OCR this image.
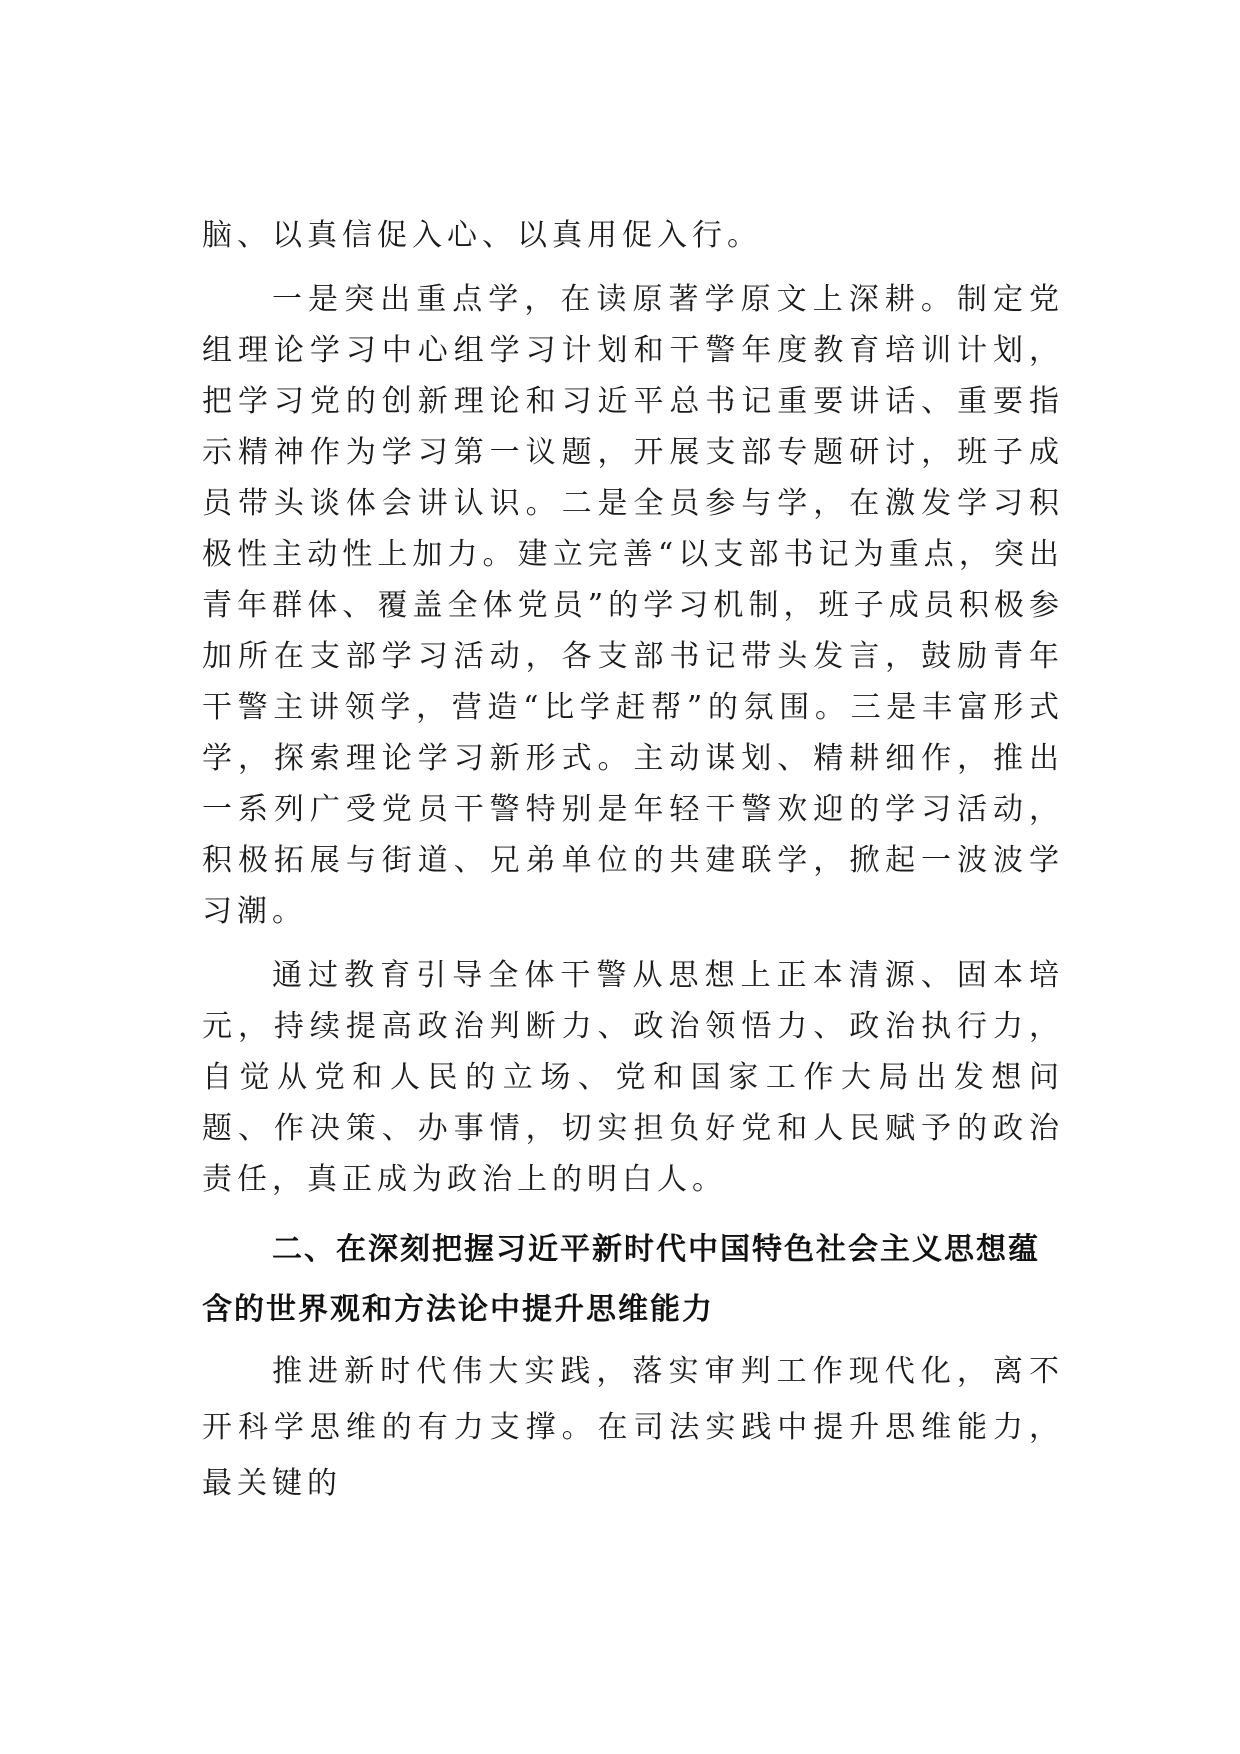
脑、以真信促入心、以真用促入行。

一是突出重点学，在读原著学原文上深耕。制定党组理论学习中心组学习计划和干警年度教育培训计划，把学习党的创新理论和习近平总书记重要讲话、重要指示精神作为学习第一议题，开展支部专题研讨，班子成员带头谈体会讲认识。二是全员参与学，在激发学习积极性主动性上加力。建立完善“以支部书记为重点，突出青年群体、覆盖全体党员”的学习机制，班子成员积极参加所在支部学习活动，各支部书记带头发言，鼓励青年干警主讲领学，营造“比学赶帮”的氛围。三是丰富形式学，探索理论学习新形式。主动谋划、精耕细作，推出一系列广受党员干警特别是年轻干警欢迎的学习活动，积极拓展与街道、兄弟单位的共建联学，掀起一波波学习潮。

通过教育引导全体干警从思想上正本清源、固本培元，持续提高政治判断力、政治领悟力、政治执行力，自觉从党和人民的立场、党和国家工作大局出发想问题、作决策、办事情，切实担负好党和人民赋予的政治责任，真正成为政治上的明白人。

二、在深刻把握习近平新时代中国特色社会主义思想蕴含的世界观和方法论中提升思维能力

推进新时代伟大实践，落实审判工作现代化，离不开科学思维的有力支撑。在司法实践中提升思维能力，最关键的
